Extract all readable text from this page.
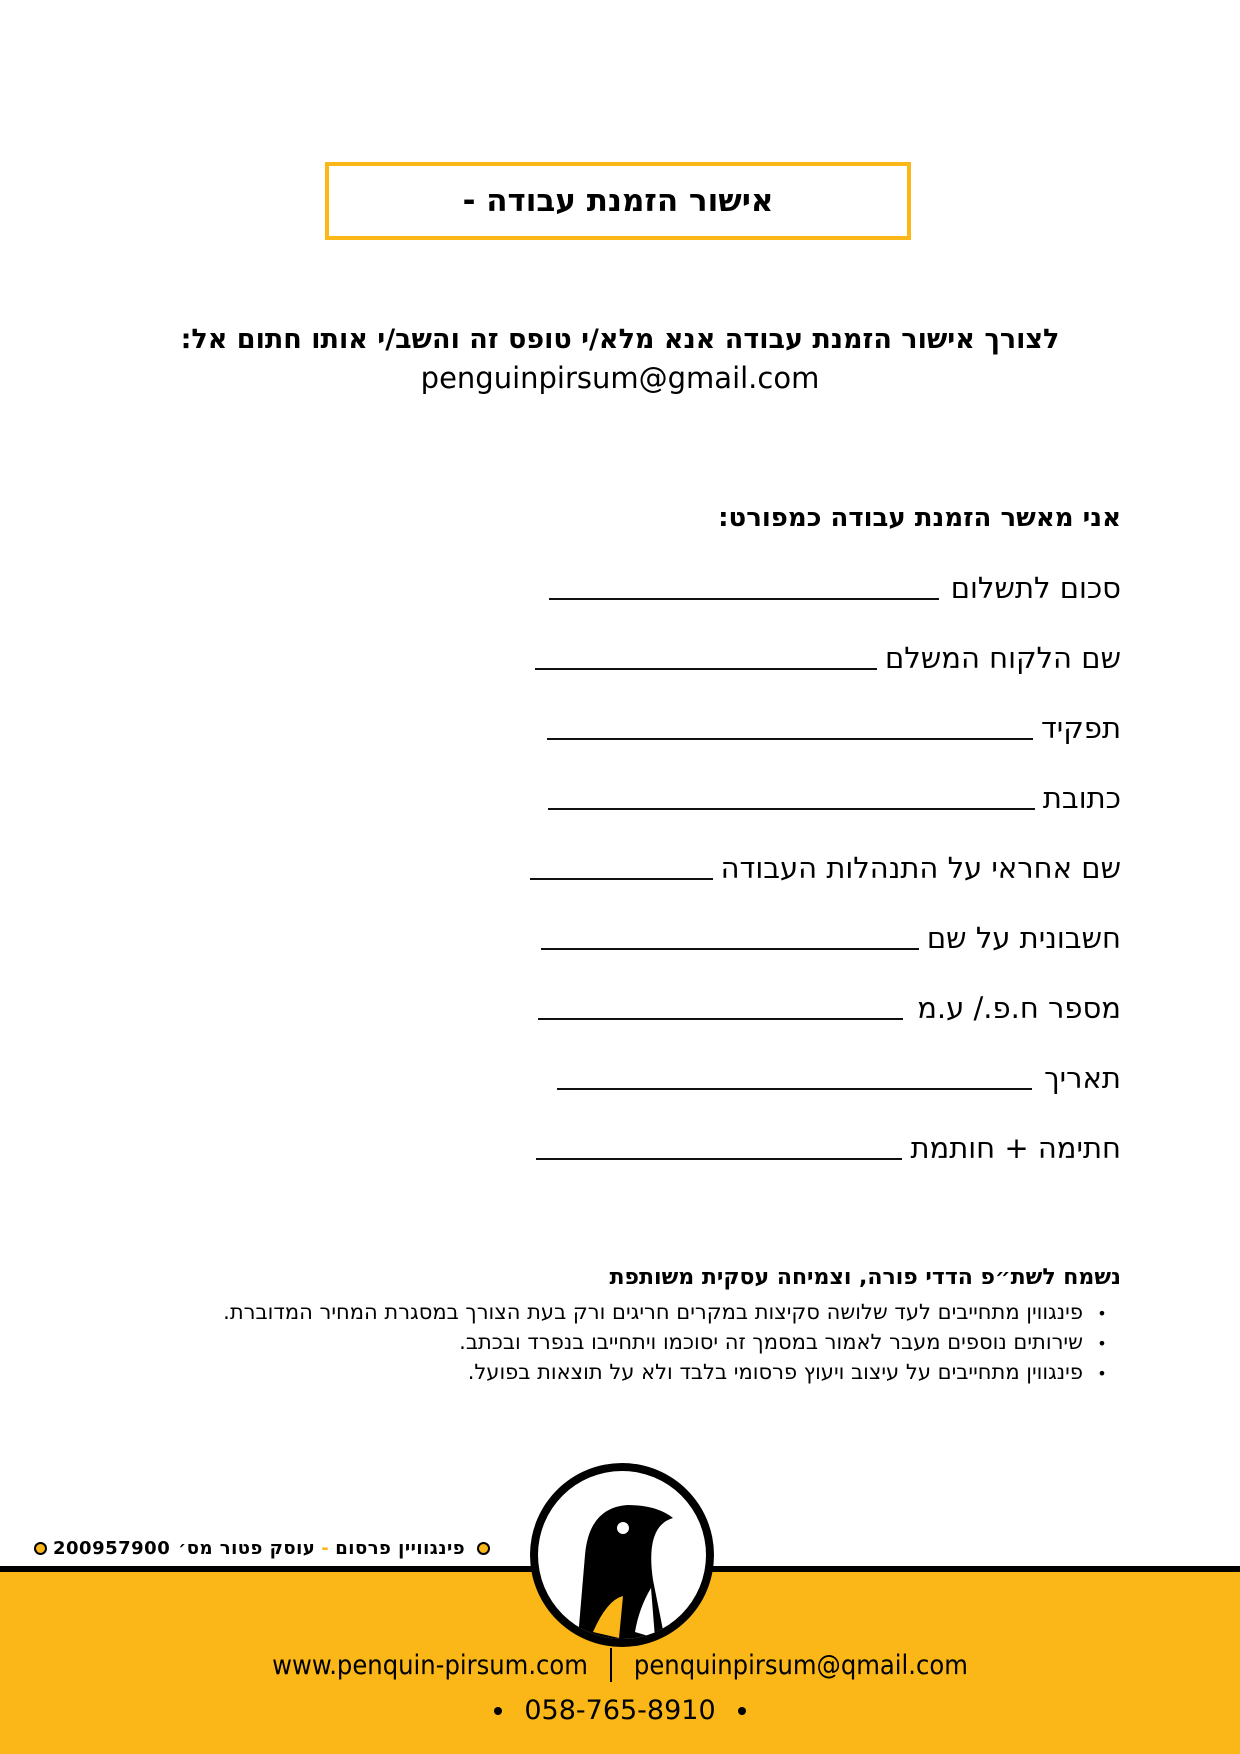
אישור הזמנת עבודה -
לצורך אישור הזמנת עבודה אנא מלא/י טופס זה והשב/י אותו חתום אל:
penguinpirsum@gmail.com
אני מאשר הזמנת עבודה כמפורט:
סכום לתשלום
שם הלקוח המשלם
תפקיד
כתובת
שם אחראי על התנהלות העבודה
חשבונית על שם
מספר ח.פ./ ע.מ
תאריך
חתימה + חותמת
נשמח לשת״פ הדדי פורה, וצמיחה עסקית משותפת
•פינגווין מתחייבים לעד שלושה סקיצות במקרים חריגים ורק בעת הצורך במסגרת המחיר המדוברת.
•שירותים נוספים מעבר לאמור במסמך זה יסוכמו ויתחייבו בנפרד ובכתב.
•פינגווין מתחייבים על עיצוב ויעוץ פרסומי בלבד ולא על תוצאות בפועל.
200957900 עוסק פטור מס׳ - פינגוויין פרסום
www.penquin-pirsum.com penquinpirsum@qmail.com
058-765-8910
